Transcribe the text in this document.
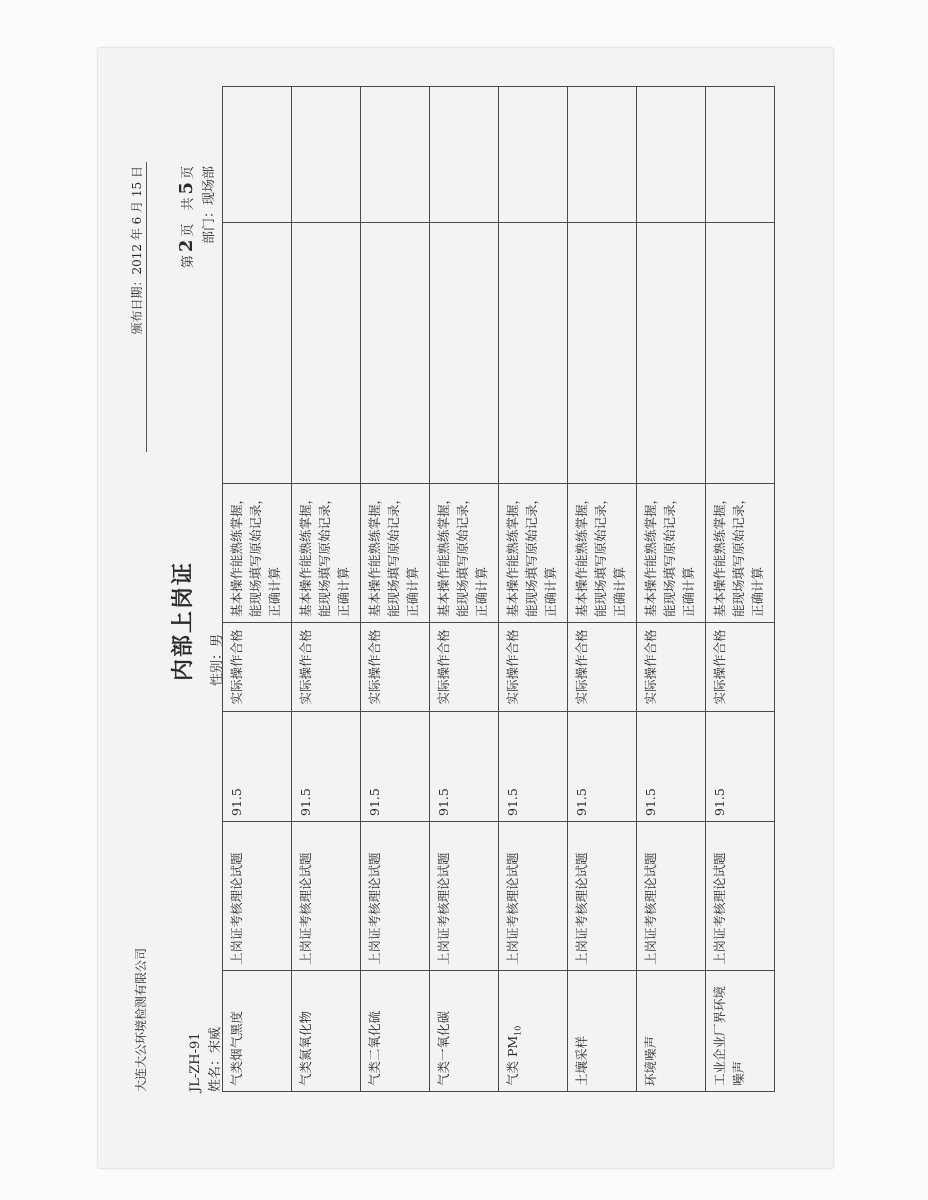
大连大公环境检测有限公司
颁布日期：2012 年 6 月 15 日
内部上岗证
第2页　共5页
JL-ZH-91 姓名：宋威
性别：男
部门：现场部
气类烟气黑度	上岗证考核理论试题	91.5	实际操作合格	基本操作能熟练掌握，能现场填写原始记录，正确计算		
气类氮氧化物	上岗证考核理论试题	91.5	实际操作合格	基本操作能熟练掌握，能现场填写原始记录，正确计算		
气类二氧化硫	上岗证考核理论试题	91.5	实际操作合格	基本操作能熟练掌握，能现场填写原始记录，正确计算		
气类一氧化碳	上岗证考核理论试题	91.5	实际操作合格	基本操作能熟练掌握，能现场填写原始记录，正确计算		
气类 $PM_{10}$	上岗证考核理论试题	91.5	实际操作合格	基本操作能熟练掌握，能现场填写原始记录，正确计算		
土壤采样	上岗证考核理论试题	91.5	实际操作合格	基本操作能熟练掌握，能现场填写原始记录，正确计算		
环境噪声	上岗证考核理论试题	91.5	实际操作合格	基本操作能熟练掌握，能现场填写原始记录，正确计算		
工业企业厂界环境噪声	上岗证考核理论试题	91.5	实际操作合格	基本操作能熟练掌握，能现场填写原始记录，正确计算		
